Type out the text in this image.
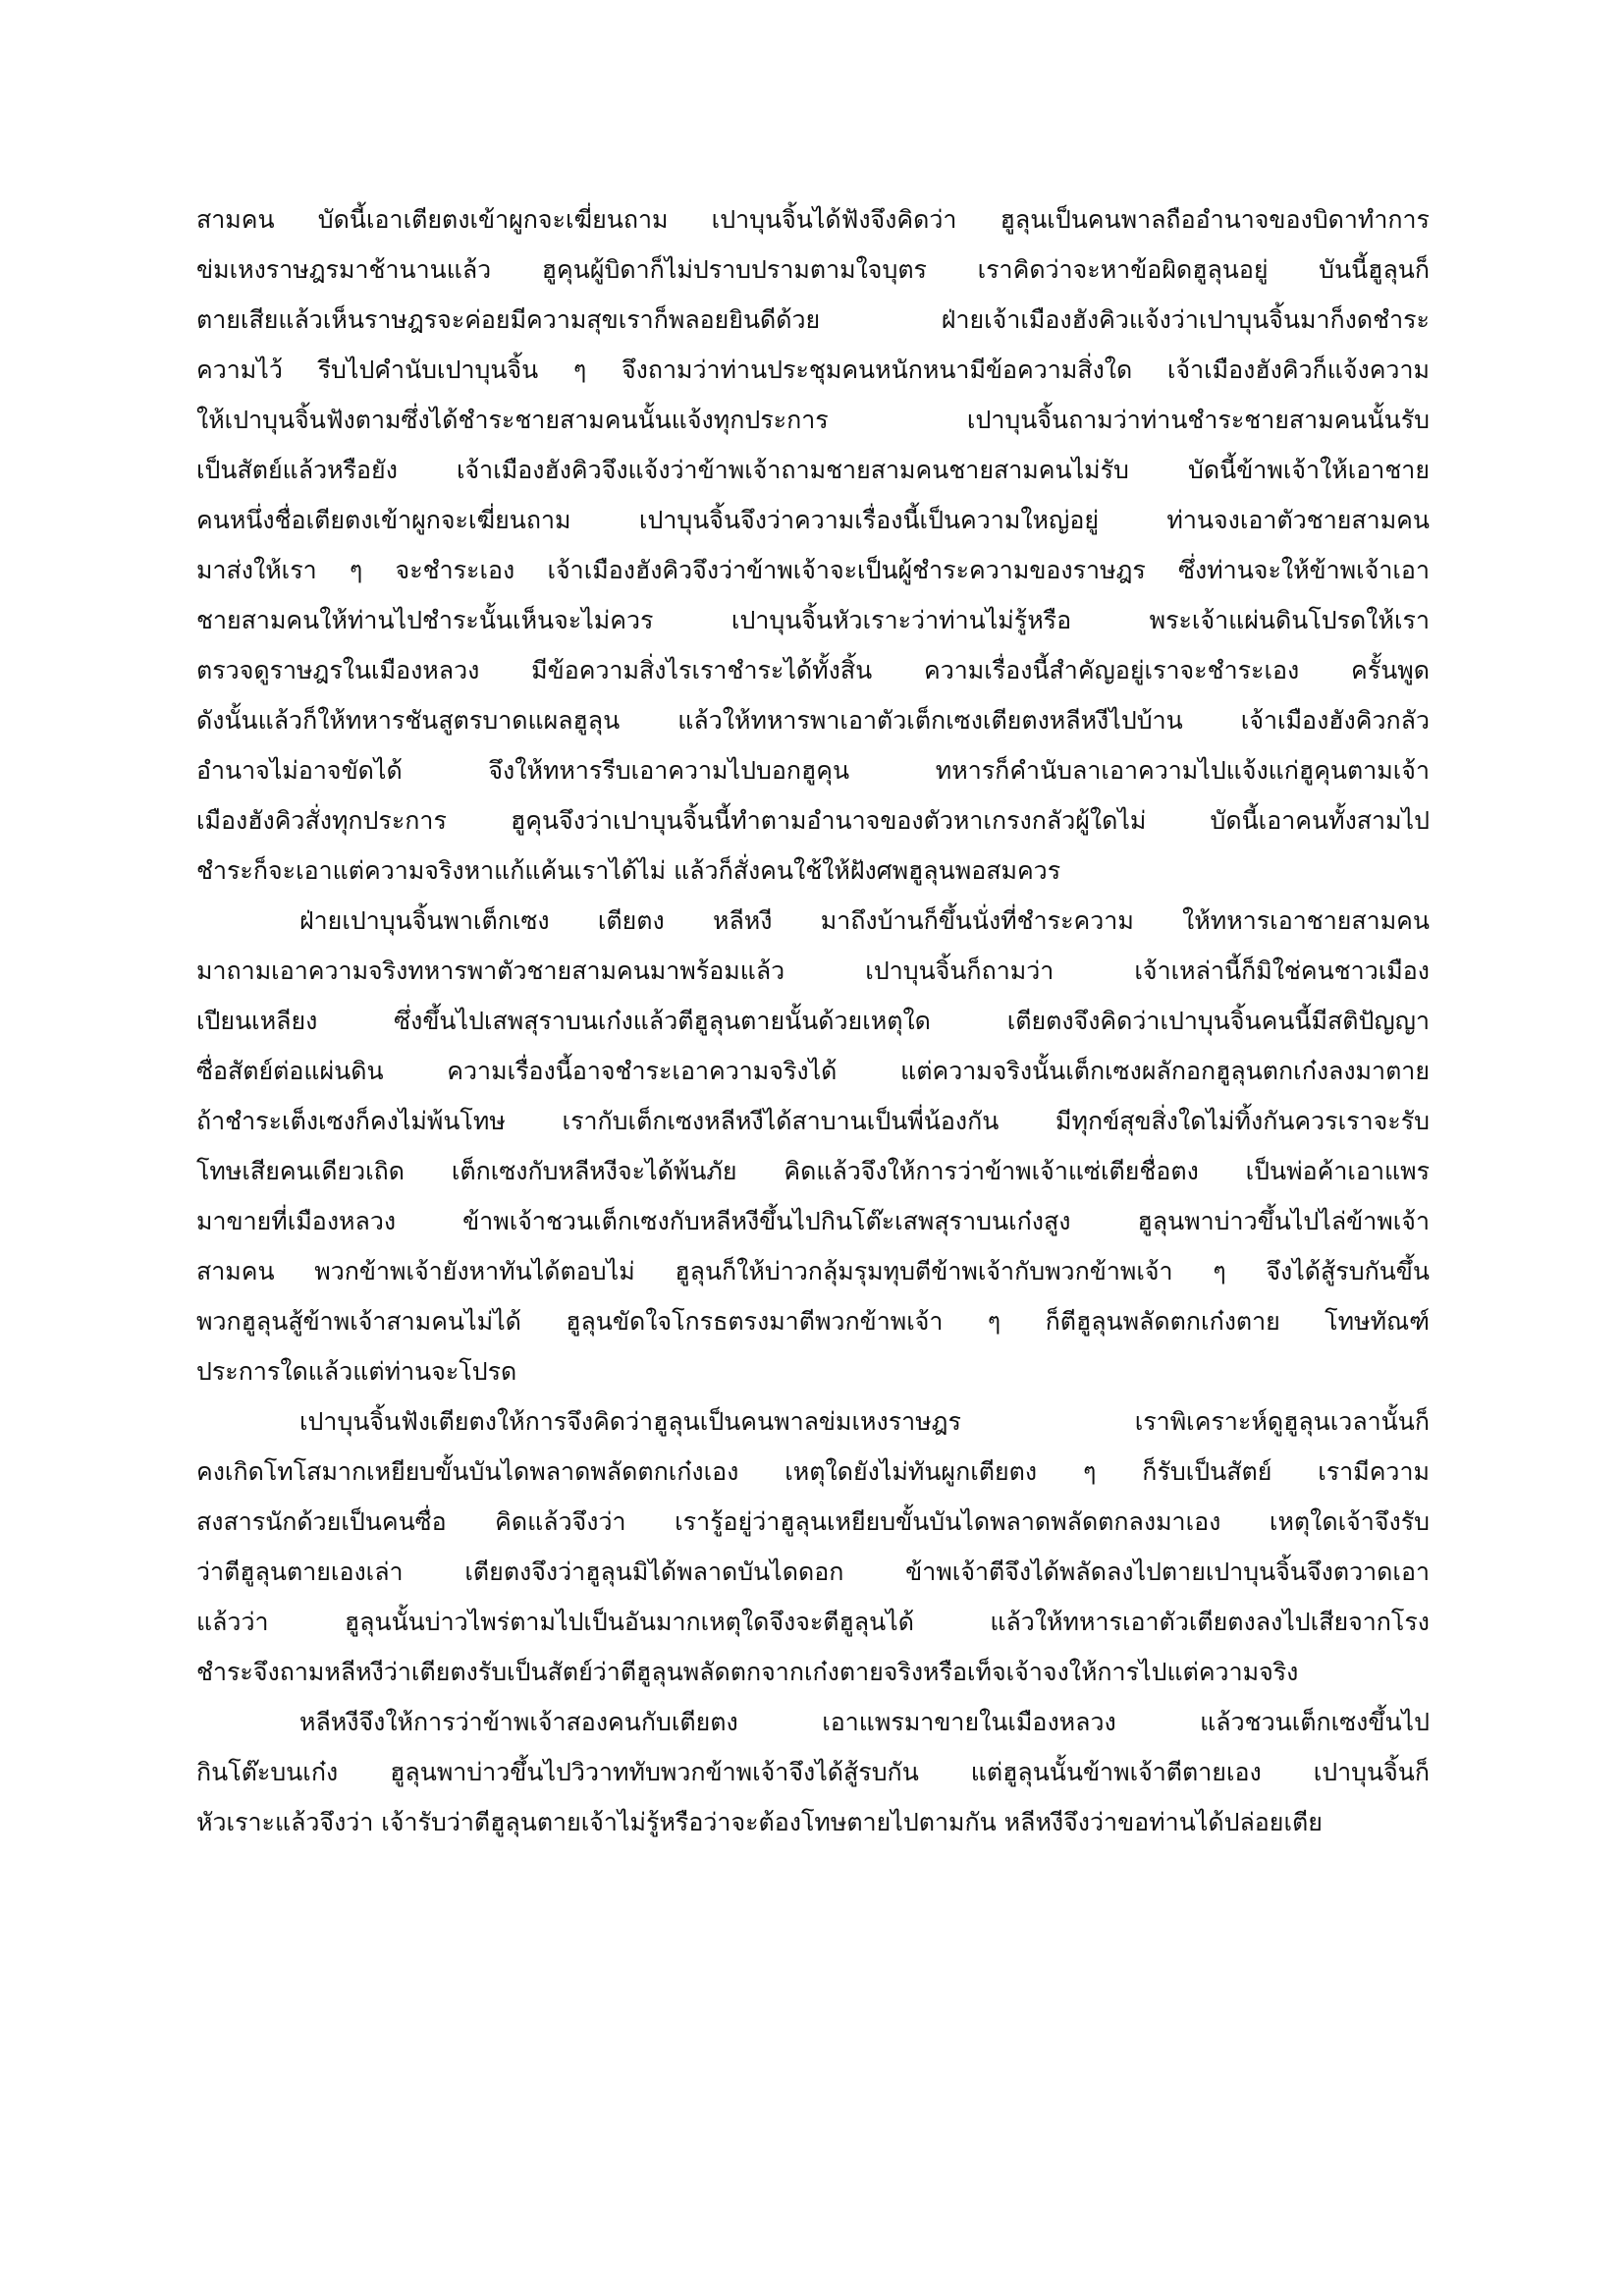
สามคน บัดนี้เอาเตียตงเข้าผูกจะเฆี่ยนถาม เปาบุนจิ้นได้ฟังจึงคิดว่า ฮูลุนเป็นคนพาลถืออำนาจของบิดาทำการ
ข่มเหงราษฎรมาช้านานแล้ว ฮูคุนผู้บิดาก็ไม่ปราบปรามตามใจบุตร เราคิดว่าจะหาข้อผิดฮูลุนอยู่ บันนี้ฮูลุนก็
ตายเสียแล้วเห็นราษฎรจะค่อยมีความสุขเราก็พลอยยินดีด้วย ฝ่ายเจ้าเมืองฮังคิวแจ้งว่าเปาบุนจิ้นมาก็งดชำระ
ความไว้ รีบไปคำนับเปาบุนจิ้น ๆ จึงถามว่าท่านประชุมคนหนักหนามีข้อความสิ่งใด เจ้าเมืองฮังคิวก็แจ้งความ
ให้เปาบุนจิ้นฟังตามซึ่งได้ชำระชายสามคนนั้นแจ้งทุกประการ เปาบุนจิ้นถามว่าท่านชำระชายสามคนนั้นรับ
เป็นสัตย์แล้วหรือยัง เจ้าเมืองฮังคิวจึงแจ้งว่าข้าพเจ้าถามชายสามคนชายสามคนไม่รับ บัดนี้ข้าพเจ้าให้เอาชาย
คนหนึ่งชื่อเตียตงเข้าผูกจะเฆี่ยนถาม เปาบุนจิ้นจึงว่าความเรื่องนี้เป็นความใหญ่อยู่ ท่านจงเอาตัวชายสามคน
มาส่งให้เรา ๆ จะชำระเอง เจ้าเมืองฮังคิวจึงว่าข้าพเจ้าจะเป็นผู้ชำระความของราษฎร ซึ่งท่านจะให้ข้าพเจ้าเอา
ชายสามคนให้ท่านไปชำระนั้นเห็นจะไม่ควร เปาบุนจิ้นหัวเราะว่าท่านไม่รู้หรือ พระเจ้าแผ่นดินโปรดให้เรา
ตรวจดูราษฎรในเมืองหลวง มีข้อความสิ่งไรเราชำระได้ทั้งสิ้น ความเรื่องนี้สำคัญอยู่เราจะชำระเอง ครั้นพูด
ดังนั้นแล้วก็ให้ทหารชันสูตรบาดแผลฮูลุน แล้วให้ทหารพาเอาตัวเต็กเซงเตียตงหลีหงีไปบ้าน เจ้าเมืองฮังคิวกลัว
อำนาจไม่อาจขัดได้ จึงให้ทหารรีบเอาความไปบอกฮูคุน ทหารก็คำนับลาเอาความไปแจ้งแก่ฮูคุนตามเจ้า
เมืองฮังคิวสั่งทุกประการ ฮูคุนจึงว่าเปาบุนจิ้นนี้ทำตามอำนาจของตัวหาเกรงกลัวผู้ใดไม่ บัดนี้เอาคนทั้งสามไป
ชำระก็จะเอาแต่ความจริงหาแก้แค้นเราได้ไม่ แล้วก็สั่งคนใช้ให้ฝังศพฮูลุนพอสมควร
ฝ่ายเปาบุนจิ้นพาเต็กเซง เตียตง หลีหงี มาถึงบ้านก็ขึ้นนั่งที่ชำระความ ให้ทหารเอาชายสามคน
มาถามเอาความจริงทหารพาตัวชายสามคนมาพร้อมแล้ว เปาบุนจิ้นก็ถามว่า เจ้าเหล่านี้ก็มิใช่คนชาวเมือง
เปียนเหลียง ซึ่งขึ้นไปเสพสุราบนเก๋งแล้วตีฮูลุนตายนั้นด้วยเหตุใด เตียตงจึงคิดว่าเปาบุนจิ้นคนนี้มีสติปัญญา
ซื่อสัตย์ต่อแผ่นดิน ความเรื่องนี้อาจชำระเอาความจริงได้ แต่ความจริงนั้นเต็กเซงผลักอกฮูลุนตกเก๋งลงมาตาย
ถ้าชำระเต็งเซงก็คงไม่พ้นโทษ เรากับเต็กเซงหลีหงีได้สาบานเป็นพี่น้องกัน มีทุกข์สุขสิ่งใดไม่ทิ้งกันควรเราจะรับ
โทษเสียคนเดียวเถิด เต็กเซงกับหลีหงีจะได้พ้นภัย คิดแล้วจึงให้การว่าข้าพเจ้าแซ่เตียชื่อตง เป็นพ่อค้าเอาแพร
มาขายที่เมืองหลวง ข้าพเจ้าชวนเต็กเซงกับหลีหงีขึ้นไปกินโต๊ะเสพสุราบนเก๋งสูง ฮูลุนพาบ่าวขึ้นไปไล่ข้าพเจ้า
สามคน พวกข้าพเจ้ายังหาทันได้ตอบไม่ ฮูลุนก็ให้บ่าวกลุ้มรุมทุบตีข้าพเจ้ากับพวกข้าพเจ้า ๆ จึงได้สู้รบกันขึ้น
พวกฮูลุนสู้ข้าพเจ้าสามคนไม่ได้ ฮูลุนขัดใจโกรธตรงมาตีพวกข้าพเจ้า ๆ ก็ตีฮูลุนพลัดตกเก๋งตาย โทษทัณฑ์
ประการใดแล้วแต่ท่านจะโปรด
เปาบุนจิ้นฟังเตียตงให้การจึงคิดว่าฮูลุนเป็นคนพาลข่มเหงราษฎร เราพิเคราะห์ดูฮูลุนเวลานั้นก็
คงเกิดโทโสมากเหยียบขั้นบันไดพลาดพลัดตกเก๋งเอง เหตุใดยังไม่ทันผูกเตียตง ๆ ก็รับเป็นสัตย์ เรามีความ
สงสารนักด้วยเป็นคนซื่อ คิดแล้วจึงว่า เรารู้อยู่ว่าฮูลุนเหยียบขั้นบันไดพลาดพลัดตกลงมาเอง เหตุใดเจ้าจึงรับ
ว่าตีฮูลุนตายเองเล่า เตียตงจึงว่าฮูลุนมิได้พลาดบันไดดอก ข้าพเจ้าตีจึงได้พลัดลงไปตายเปาบุนจิ้นจึงตวาดเอา
แล้วว่า ฮูลุนนั้นบ่าวไพร่ตามไปเป็นอันมากเหตุใดจึงจะตีฮูลุนได้ แล้วให้ทหารเอาตัวเตียตงลงไปเสียจากโรง
ชำระจึงถามหลีหงีว่าเตียตงรับเป็นสัตย์ว่าตีฮูลุนพลัดตกจากเก๋งตายจริงหรือเท็จเจ้าจงให้การไปแต่ความจริง
หลีหงีจึงให้การว่าข้าพเจ้าสองคนกับเตียตง เอาแพรมาขายในเมืองหลวง แล้วชวนเต็กเซงขึ้นไป
กินโต๊ะบนเก๋ง ฮูลุนพาบ่าวขึ้นไปวิวาททับพวกข้าพเจ้าจึงได้สู้รบกัน แต่ฮูลุนนั้นข้าพเจ้าตีตายเอง เปาบุนจิ้นก็
หัวเราะแล้วจึงว่า เจ้ารับว่าตีฮูลุนตายเจ้าไม่รู้หรือว่าจะต้องโทษตายไปตามกัน หลีหงีจึงว่าขอท่านได้ปล่อยเตีย
